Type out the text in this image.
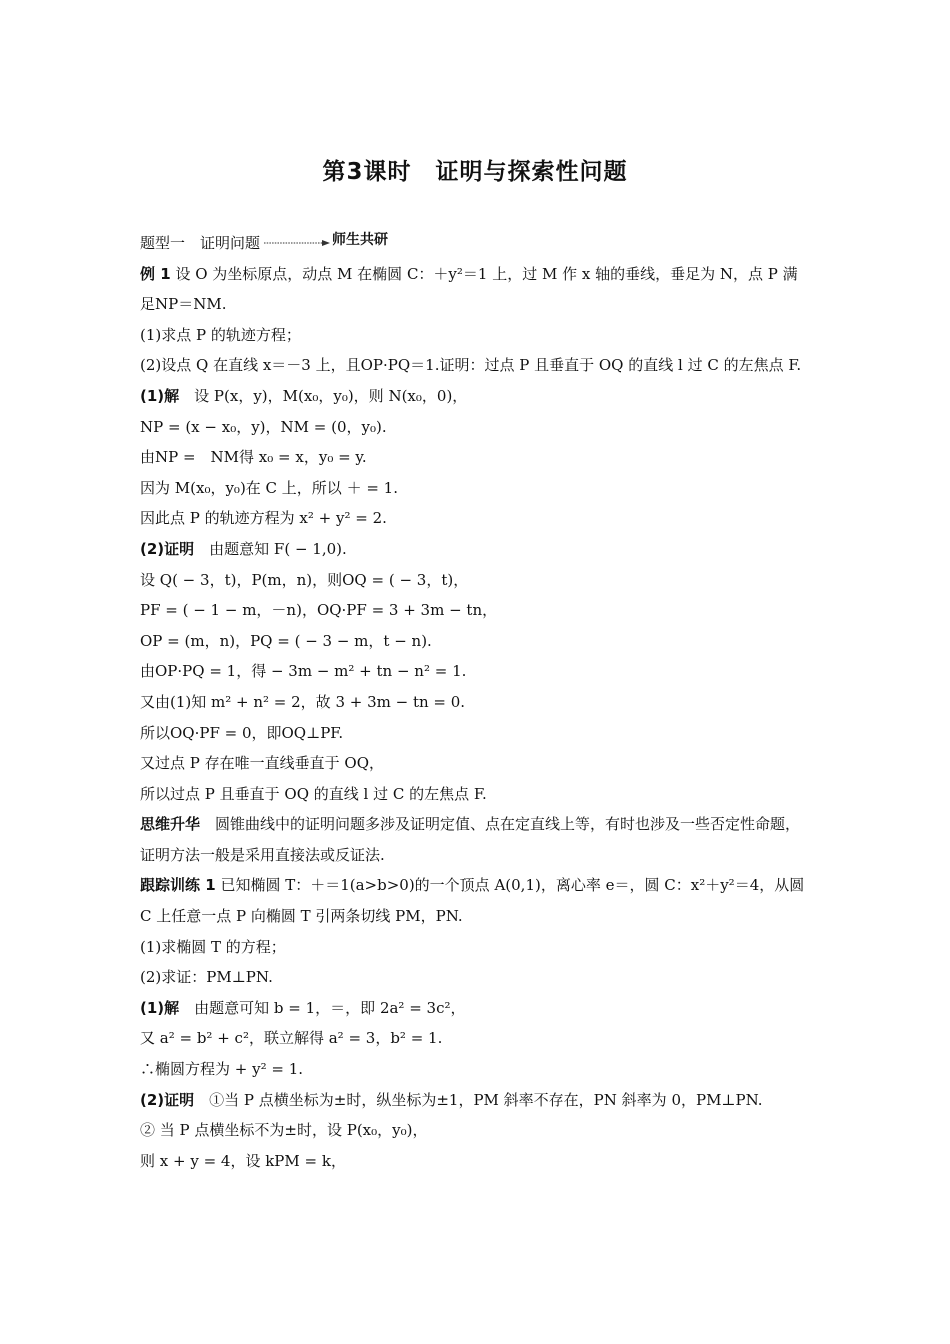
第3课时　证明与探索性问题
题型一　证明问题	师生共研
例 1 设 O 为坐标原点，动点 M 在椭圆 C：＋y²＝1 上，过 M 作 x 轴的垂线，垂足为 N，点 P 满足NP＝NM.
(1)求点 P 的轨迹方程；
(2)设点 Q 在直线 x＝－3 上，且OP·PQ＝1.证明：过点 P 且垂直于 OQ 的直线 l 过 C 的左焦点 F.
(1)解　设 P(x，y)，M(x₀，y₀)，则 N(x₀，0)，
NP = (x − x₀，y)，NM = (0，y₀).
由NP =　NM得 x₀ = x，y₀ = y.
因为 M(x₀，y₀)在 C 上，所以 ＋ = 1.
因此点 P 的轨迹方程为 x² + y² = 2.
(2)证明　由题意知 F( − 1,0).
设 Q( − 3，t)，P(m，n)，则OQ = ( − 3，t)，
PF = ( − 1 − m，－n)，OQ·PF = 3 + 3m − tn，
OP = (m，n)，PQ = ( − 3 − m，t − n).
由OP·PQ = 1，得 − 3m − m² + tn − n² = 1.
又由(1)知 m² + n² = 2，故 3 + 3m − tn = 0.
所以OQ·PF = 0，即OQ⊥PF.
又过点 P 存在唯一直线垂直于 OQ，
所以过点 P 且垂直于 OQ 的直线 l 过 C 的左焦点 F.
思维升华　圆锥曲线中的证明问题多涉及证明定值、点在定直线上等，有时也涉及一些否定性命题，证明方法一般是采用直接法或反证法.
跟踪训练 1 已知椭圆 T：＋＝1(a>b>0)的一个顶点 A(0,1)，离心率 e＝，圆 C：x²＋y²＝4，从圆 C 上任意一点 P 向椭圆 T 引两条切线 PM，PN.
(1)求椭圆 T 的方程；
(2)求证：PM⊥PN.
(1)解　由题意可知 b = 1，＝，即 2a² = 3c²，
又 a² = b² + c²，联立解得 a² = 3，b² = 1.
∴椭圆方程为 + y² = 1.
(2)证明　①当 P 点横坐标为±时，纵坐标为±1，PM 斜率不存在，PN 斜率为 0，PM⊥PN.
② 当 P 点横坐标不为±时，设 P(x₀，y₀)，
则 x + y = 4，设 kPM = k，
